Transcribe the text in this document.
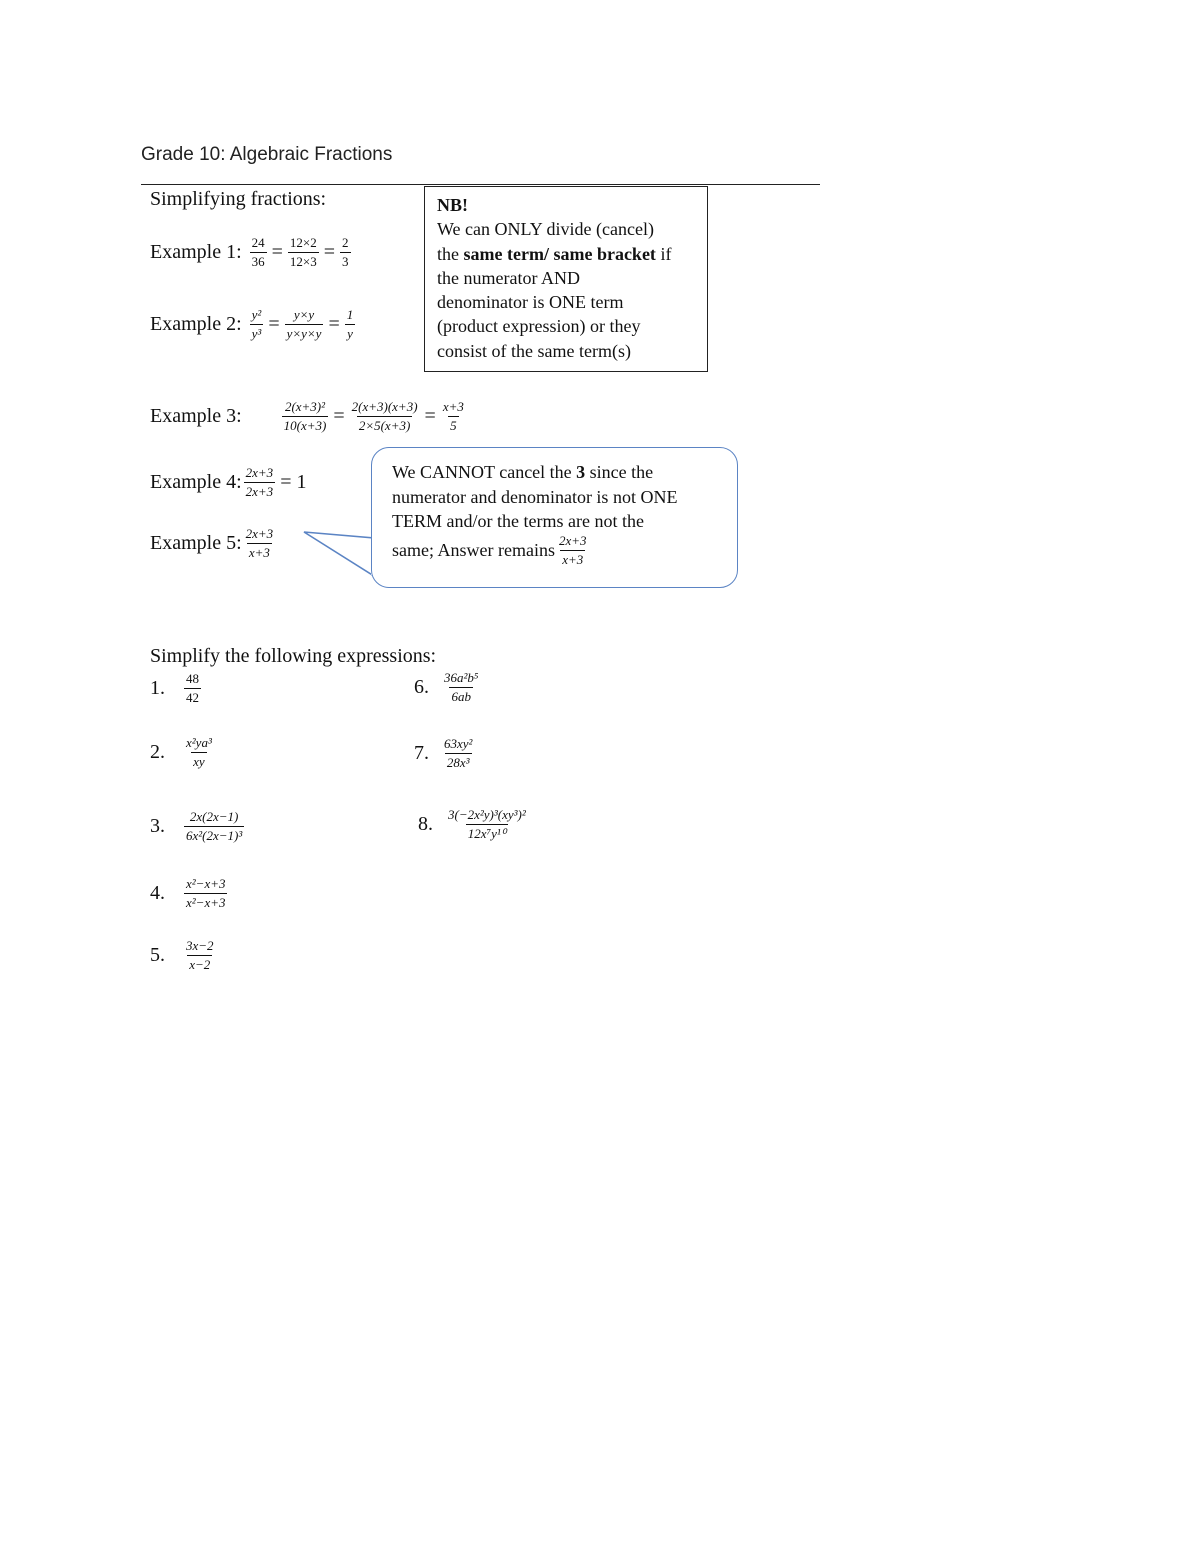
Grade 10: Algebraic Fractions
Simplifying fractions:
Example 1: $\frac{24}{36} = \frac{12\times 2}{12\times 3} = \frac{2}{3}$
Example 2: $\frac{\text{y²}}{\text{y³}} = \frac{y\times y}{y\times y\times y} = \frac{1}{y}$
NB!
We can ONLY divide (cancel)
the same term/ same bracket if
the numerator AND
denominator is ONE term
(product expression) or they
consist of the same term(s)
Example 3:	$\frac{\text{2(x+3)²}}{10(x+3)} = \frac{2(x+3)(x+3)}{2\times 5(x+3)} = \frac{x+3}{5}$
Example 4: $\frac{2x+3}{2x+3} = 1$
Example 5: $\frac{2x+3}{x+3}$
We CANNOT cancel the 3 since the
numerator and denominator is not ONE
TERM and/or the terms are not the
same; Answer remains $\frac{2x+3}{x+3}$
Simplify the following expressions:
1.	$\frac{48}{42}$
2.	$\frac{\text{x²ya³}}{xy}$
3.	$\frac{2x(2x-1)}{\text{6x²(2x−1)³}}$
4.	$\frac{\text{x²−x+3}}{\text{x²−x+3}}$
5.	$\frac{3x-2}{x-2}$
6.	$\frac{\text{36a²b⁵}}{6ab}$
7.	$\frac{\text{63xy²}}{\text{28x³}}$
8.	$\frac{\text{3(−2x²y)³(xy³)²}}{\text{12x⁷y¹⁰}}$
